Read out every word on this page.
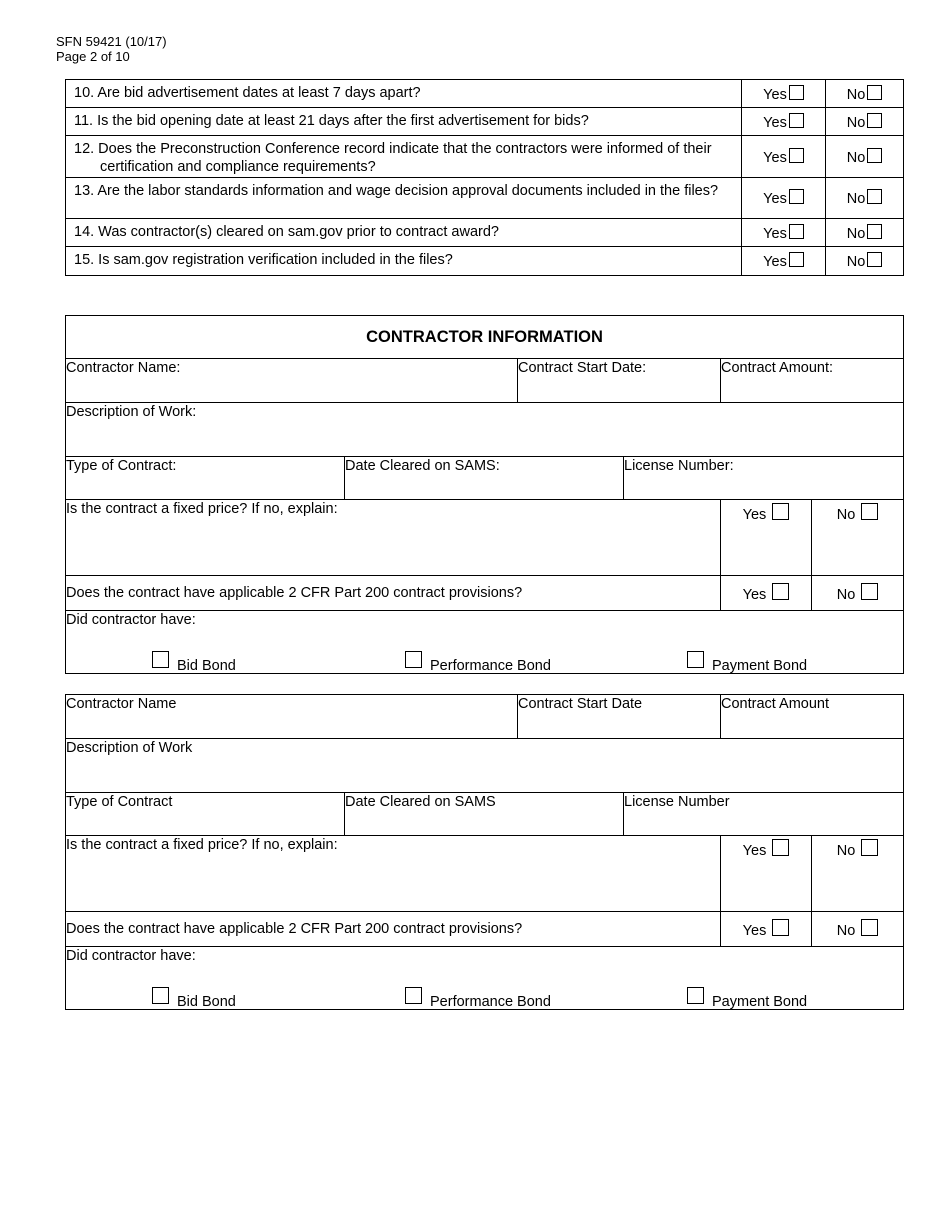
SFN 59421 (10/17)
Page 2 of 10
10. Are bid advertisement dates at least 7 days apart?	Yes	No

11. Is the bid opening date at least 21 days after the first advertisement for bids?	Yes	No

12. Does the Preconstruction Conference record indicate that the contractors were informed of their certification and compliance requirements?	Yes	No

13. Are the labor standards information and wage decision approval documents included in the files?	Yes	No

14. Was contractor(s) cleared on sam.gov prior to contract award?	Yes	No

15. Is sam.gov registration verification included in the files?	Yes	No
CONTRACTOR INFORMATION					
Contractor Name:		Contract Start Date:		Contract Amount:	
Description of Work:					
Type of Contract:	Date Cleared on SAMS:		License Number:		
Is the contract a fixed price? If no, explain:				Yes	No
Does the contract have applicable 2 CFR Part 200 contract provisions?				Yes	No
Did contractor have:
Bid Bond Performance Bond Payment Bond					
Contractor Name		Contract Start Date		Contract Amount	
Description of Work					
Type of Contract	Date Cleared on SAMS		License Number		
Is the contract a fixed price? If no, explain:				Yes	No
Does the contract have applicable 2 CFR Part 200 contract provisions?				Yes	No
Did contractor have:
Bid Bond Performance Bond Payment Bond					
